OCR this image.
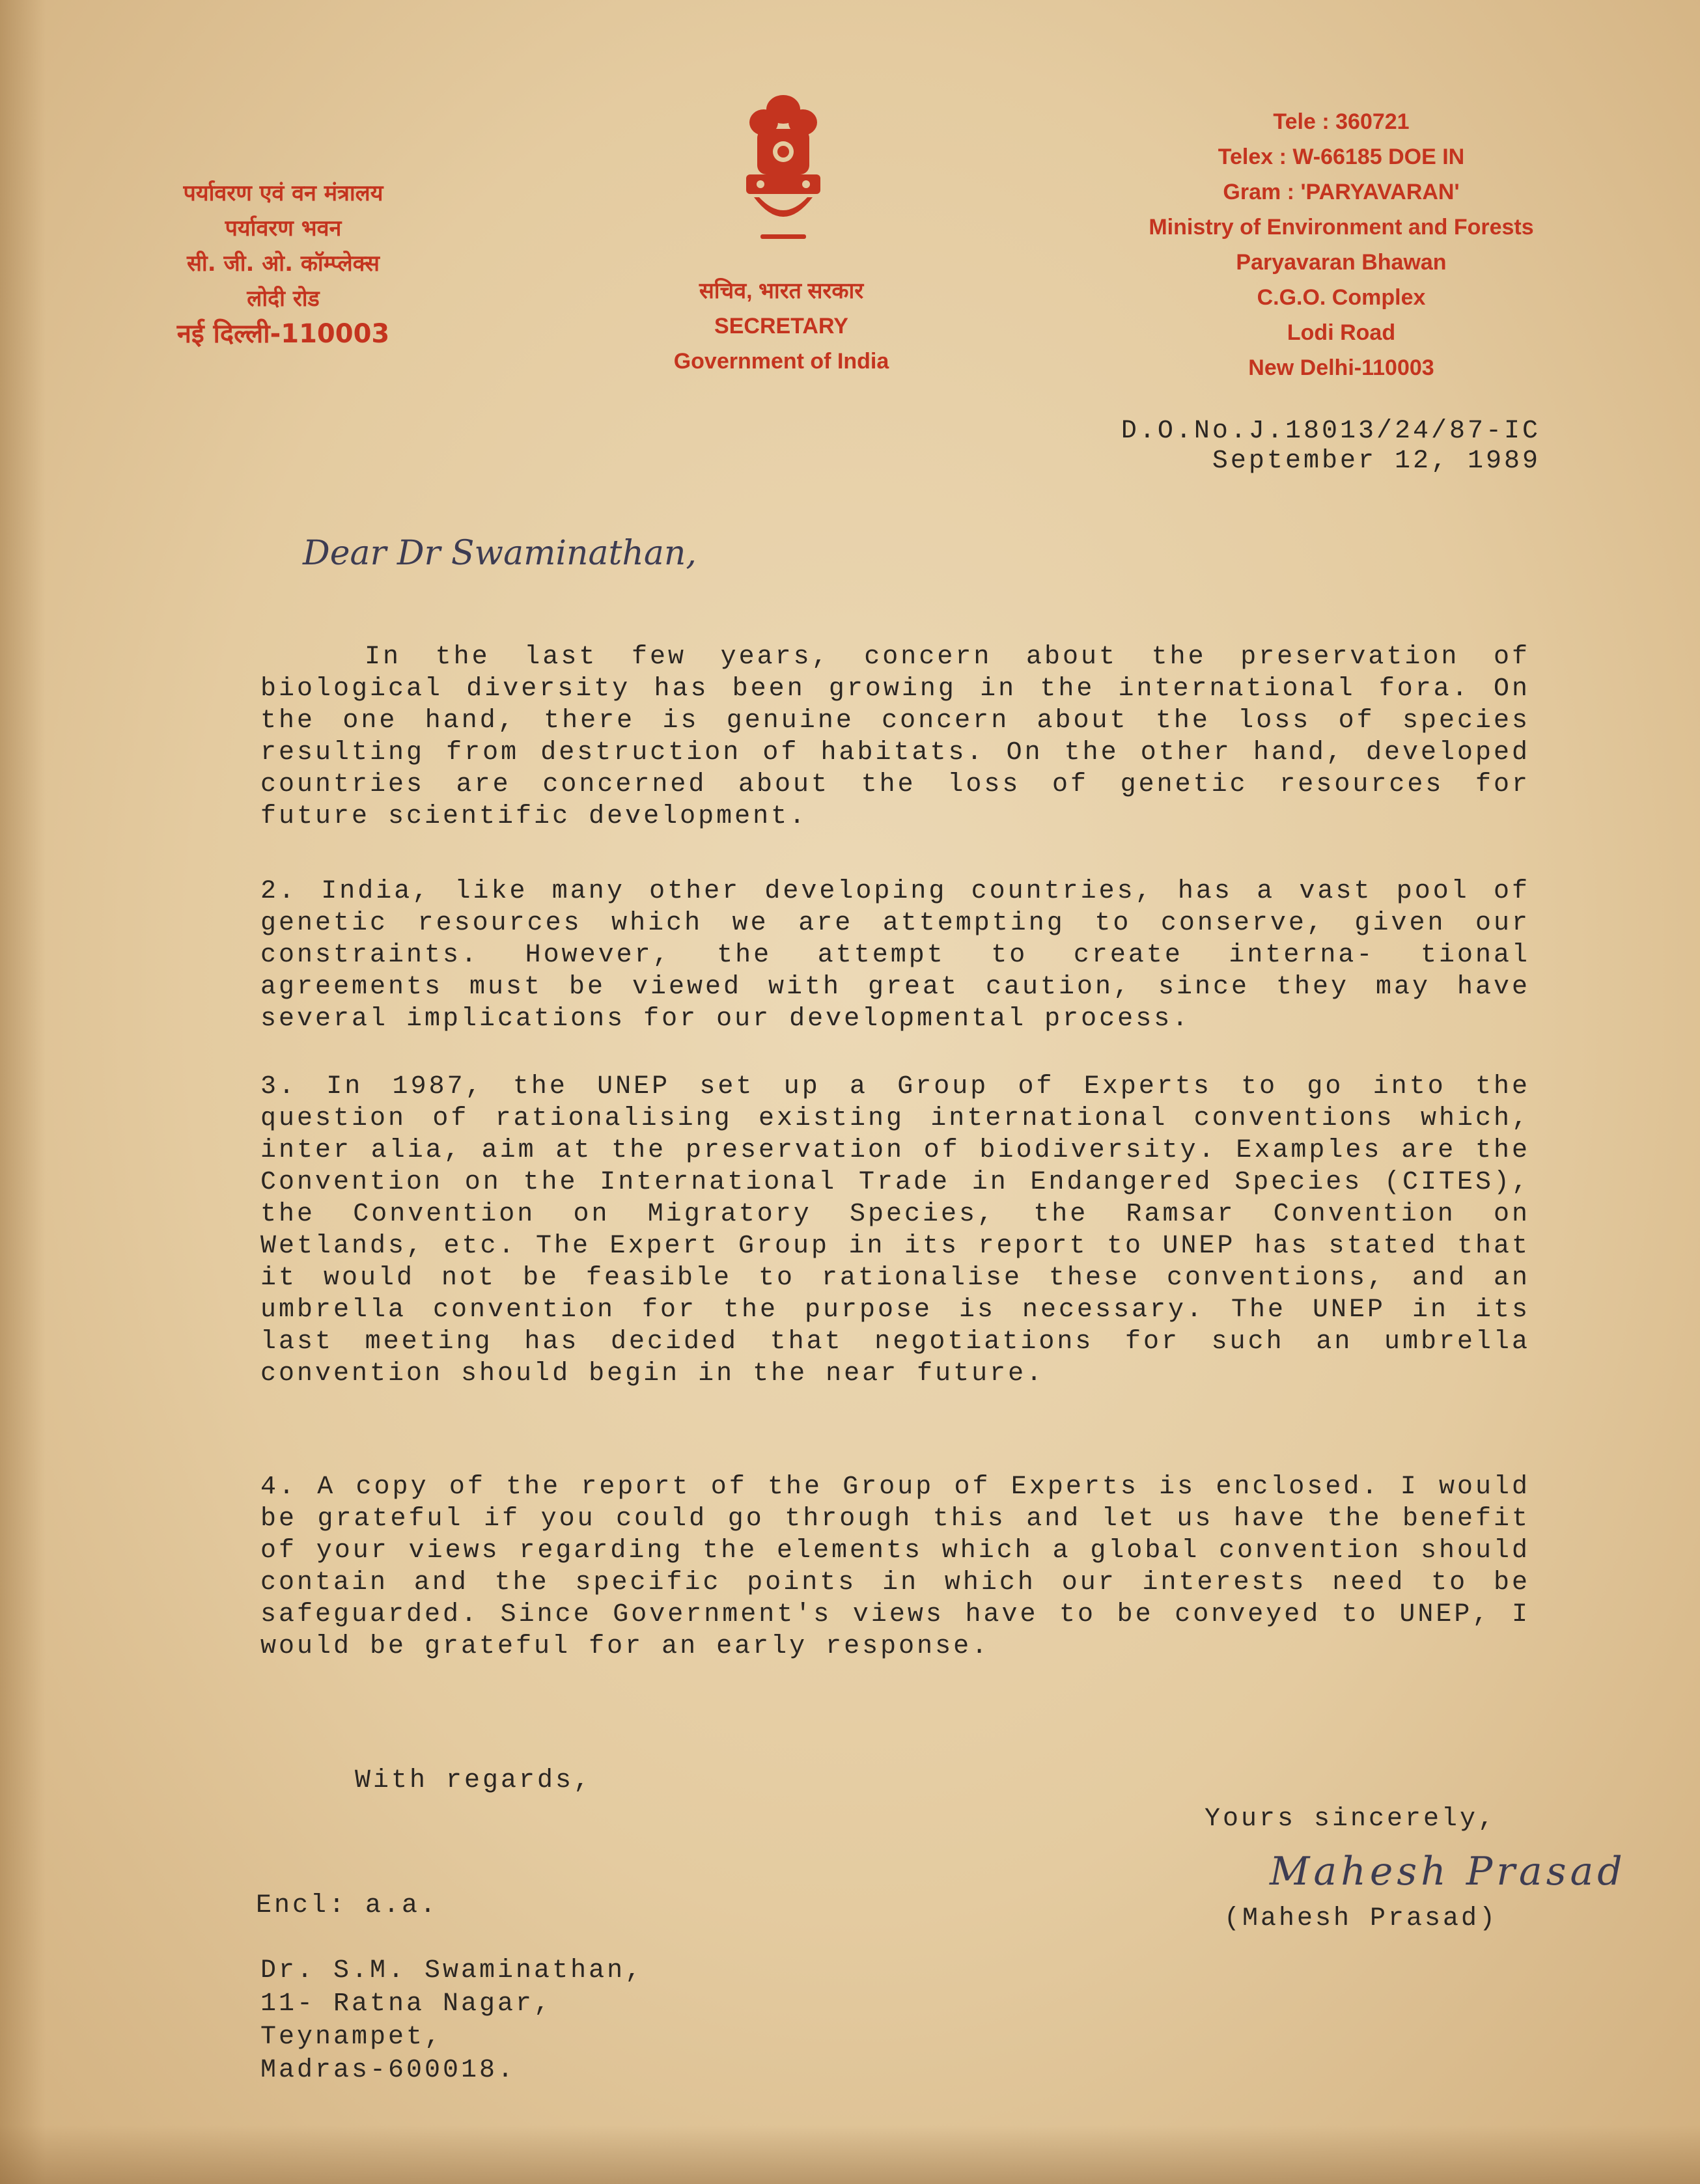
पर्यावरण एवं वन मंत्रालय
पर्यावरण भवन
सी. जी. ओ. कॉम्प्लेक्स
लोदी रोड
नई दिल्ली-110003
सचिव, भारत सरकार
SECRETARY
Government of India
Tele : 360721
Telex : W-66185 DOE IN
Gram : 'PARYAVARAN'
Ministry of Environment and Forests
Paryavaran Bhawan
C.G.O. Complex
Lodi Road
New Delhi-110003
D.O.No.J.18013/24/87-IC
September 12, 1989
Dear Dr Swaminathan,

In the last few years, concern about the preservation of biological diversity has been growing in the international fora. On the one hand, there is genuine concern about the loss of species resulting from destruction of habitats. On the other hand, developed countries are concerned about the loss of genetic resources for future scientific development.

2. India, like many other developing countries, has a vast pool of genetic resources which we are attempting to conserve, given our constraints. However, the attempt to create interna- tional agreements must be viewed with great caution, since they may have several implications for our developmental process.

3. In 1987, the UNEP set up a Group of Experts to go into the question of rationalising existing international conventions which, inter alia, aim at the preservation of biodiversity. Examples are the Convention on the International Trade in Endangered Species (CITES), the Convention on Migratory Species, the Ramsar Convention on Wetlands, etc. The Expert Group in its report to UNEP has stated that it would not be feasible to rationalise these conventions, and an umbrella convention for the purpose is necessary. The UNEP in its last meeting has decided that negotiations for such an umbrella convention should begin in the near future.

4. A copy of the report of the Group of Experts is enclosed. I would be grateful if you could go through this and let us have the benefit of your views regarding the elements which a global convention should contain and the specific points in which our interests need to be safeguarded. Since Government's views have to be conveyed to UNEP, I would be grateful for an early response.

With regards,
Yours sincerely,
Mahesh Prasad
(Mahesh Prasad)
Encl: a.a.
Dr. S.M. Swaminathan,
11- Ratna Nagar,
Teynampet,
Madras-600018.
